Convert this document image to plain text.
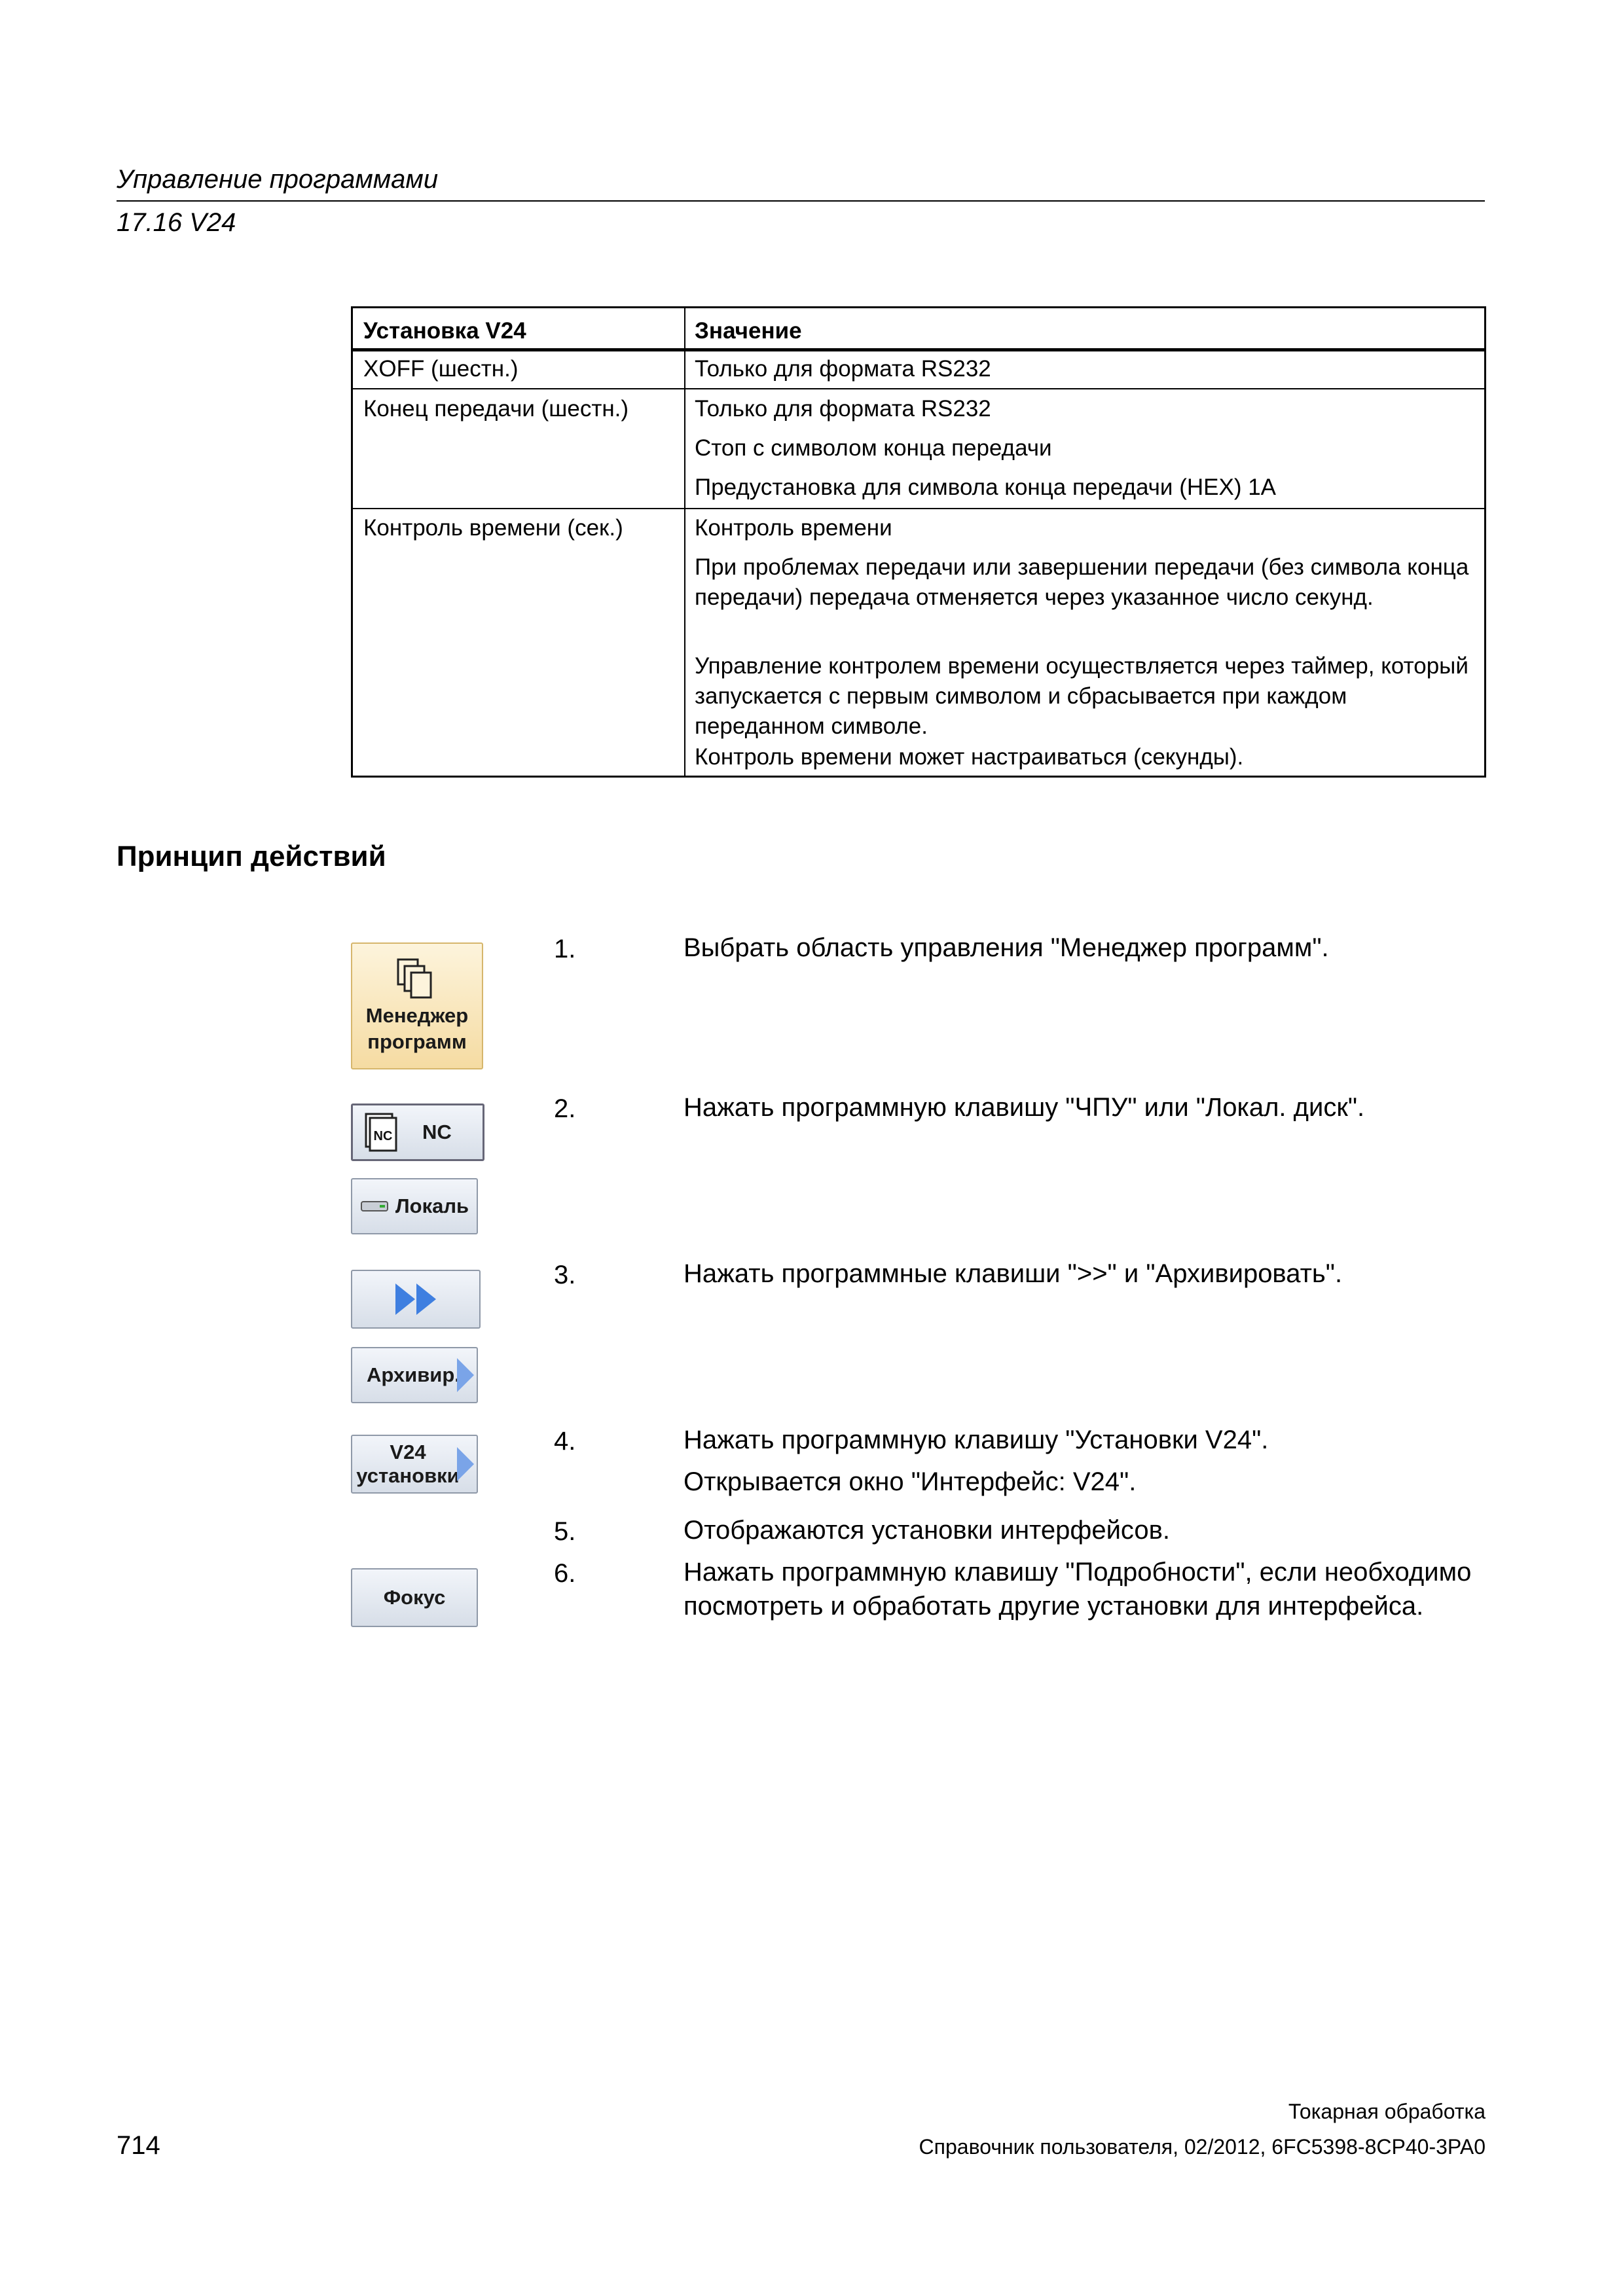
Управление программами
17.16 V24
Установка V24	Значение
XOFF (шестн.)	Только для формата RS232
Конец передачи (шестн.)	Только для формата RS232
Стоп с символом конца передачи
Предустановка для символа конца передачи (HEX) 1A
Контроль времени (сек.)	Контроль времени
При проблемах передачи или завершении передачи (без символа конца передачи) передача отменяется через указанное число секунд.
Управление контролем времени осуществляется через таймер, который запускается с первым символом и сбрасывается при каждом переданном символе.
Контроль времени может настраиваться (секунды).
Принцип действий
Менеджер
программ
NC NC
Локаль
Архивир.
V24
установки
Фокус
1.	Выбрать область управления "Менеджер программ".
2.	Нажать программную клавишу "ЧПУ" или "Локал. диск".
3.	Нажать программные клавиши ">>" и "Архивировать".
4.	Нажать программную клавишу "Установки V24".
Открывается окно "Интерфейс: V24".
5.	Отображаются установки интерфейсов.
6.	Нажать программную клавишу "Подробности", если необходимо посмотреть и обработать другие установки для интерфейса.
714
Токарная обработка
Справочник пользователя, 02/2012, 6FC5398-8CP40-3PA0
